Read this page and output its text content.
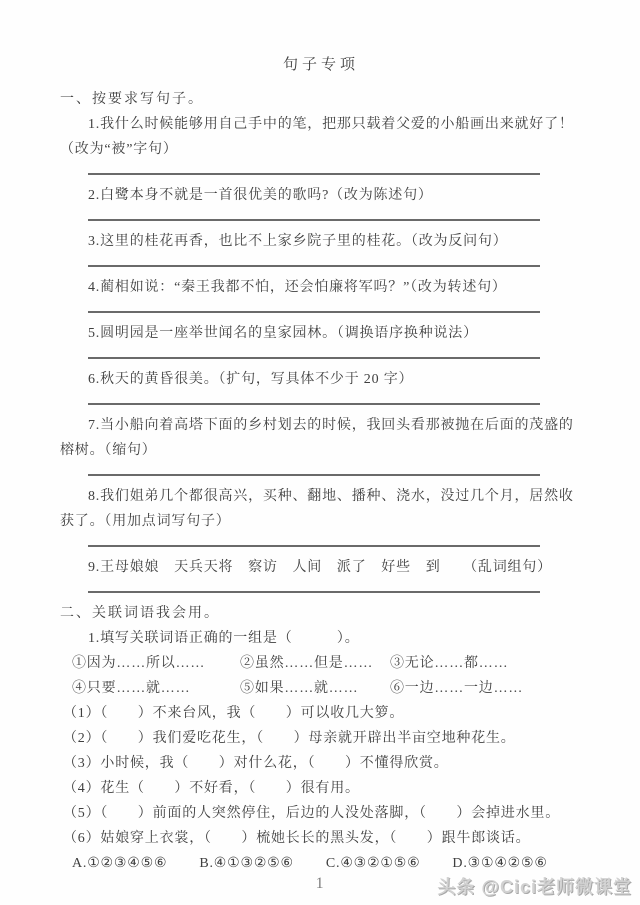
句子专项

一、按要求写句子。

1.我什么时候能够用自己手中的笔，把那只载着父爱的小船画出来就好了！（改为“被”字句）

2.白鹭本身不就是一首很优美的歌吗?（改为陈述句）

3.这里的桂花再香，也比不上家乡院子里的桂花。（改为反问句）

4.蔺相如说：“秦王我都不怕，还会怕廉将军吗？”（改为转述句）

5.圆明园是一座举世闻名的皇家园林。（调换语序换种说法）

6.秋天的黄昏很美。（扩句，写具体不少于 20 字）

7.当小船向着高塔下面的乡村划去的时候，我回头看那被抛在后面的茂盛的榕树。（缩句）

8.我们姐弟几个都很高兴，买种、翻地、播种、浇水，没过几个月，居然收获了。（用加点词写句子）

9.王母娘娘　天兵天将　察访　人间　派了　好些　到　　（乱词组句）

二、关联词语我会用。

1.填写关联词语正确的一组是（　　　）。

①因为……所以……	②虽然……但是……	③无论……都……
④只要……就……	⑤如果……就……	⑥一边……一边……

（1）（　　）不来台风，我（　　）可以收几大箩。

（2）（　　）我们爱吃花生，（　　）母亲就开辟出半亩空地种花生。

（3）小时候，我（　　）对什么花，（　　）不懂得欣赏。

（4）花生（　　）不好看，（　　）很有用。

（5）（　　）前面的人突然停住，后边的人没处落脚，（　　）会掉进水里。

（6）姑娘穿上衣裳，（　　）梳她长长的黑头发，（　　）跟牛郎谈话。

A.①②③④⑤⑥ B.④①③②⑤⑥ C.④③②①⑤⑥ D.③①④②⑤⑥
1	头条 @Cici老师微课堂
